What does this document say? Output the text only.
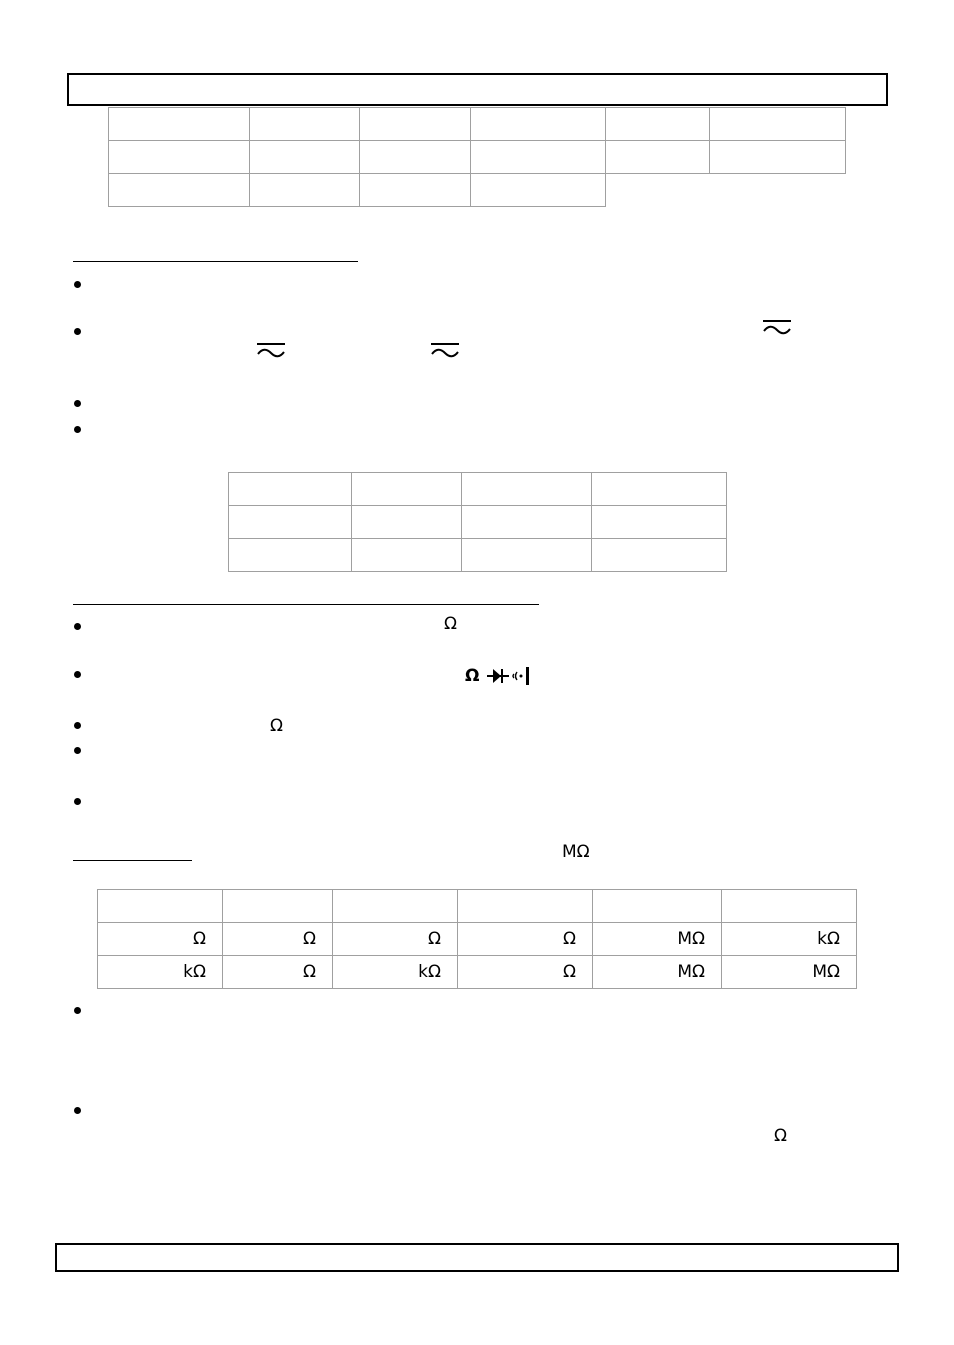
Ω
Ω
Ω
MΩ

Ω	Ω	Ω	Ω	MΩ	kΩ
kΩ	Ω	kΩ	Ω	MΩ	MΩ
Ω
